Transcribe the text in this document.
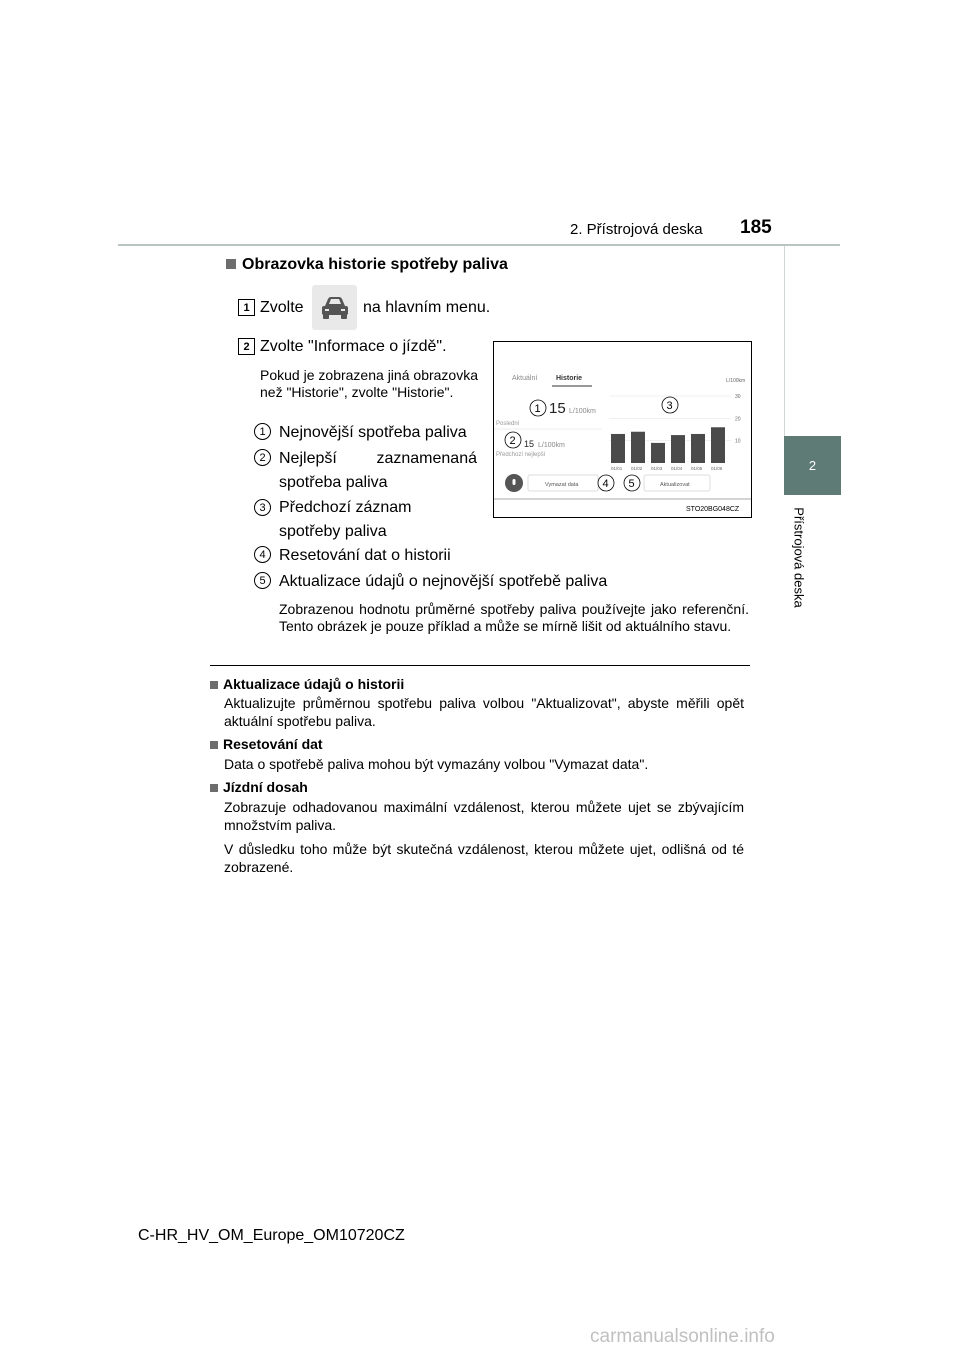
2. Přístrojová deska 185
2
Přístrojová deska
Obrazovka historie spotřeby paliva
1 Zvolte	na hlavním menu.
2 Zvolte "Informace o jízdě".
Pokud je zobrazena jiná obrazovka než "Historie", zvolte "Historie".
1 Nejnovější spotřeba paliva
2 Nejlepší zaznamenaná spotřeba paliva
3 Předchozí záznam spotřeby paliva
4 Resetování dat o historii
5 Aktualizace údajů o nejnovější spotřebě paliva
Zobrazenou hodnotu průměrné spotřeby paliva používejte jako referenční. Tento obrázek je pouze příklad a může se mírně lišit od aktuálního stavu.
Aktuální	Historie
15 L/100km
Poslední
15 L/100km
Předchozí nejlepší
L/100km
30
20
10
01/01 01/02 01/03 01/04 01/05 01/06
Vymazat data	Aktualizovat
STO20BG048CZ
1
2
3
4 5
Aktualizace údajů o historii
Aktualizujte průměrnou spotřebu paliva volbou "Aktualizovat", abyste měřili opět aktuální spotřebu paliva.
Resetování dat
Data o spotřebě paliva mohou být vymazány volbou "Vymazat data".
Jízdní dosah
Zobrazuje odhadovanou maximální vzdálenost, kterou můžete ujet se zbývajícím množstvím paliva.
V důsledku toho může být skutečná vzdálenost, kterou můžete ujet, odlišná od té zobrazené.
C-HR_HV_OM_Europe_OM10720CZ
carmanualsonline.info
